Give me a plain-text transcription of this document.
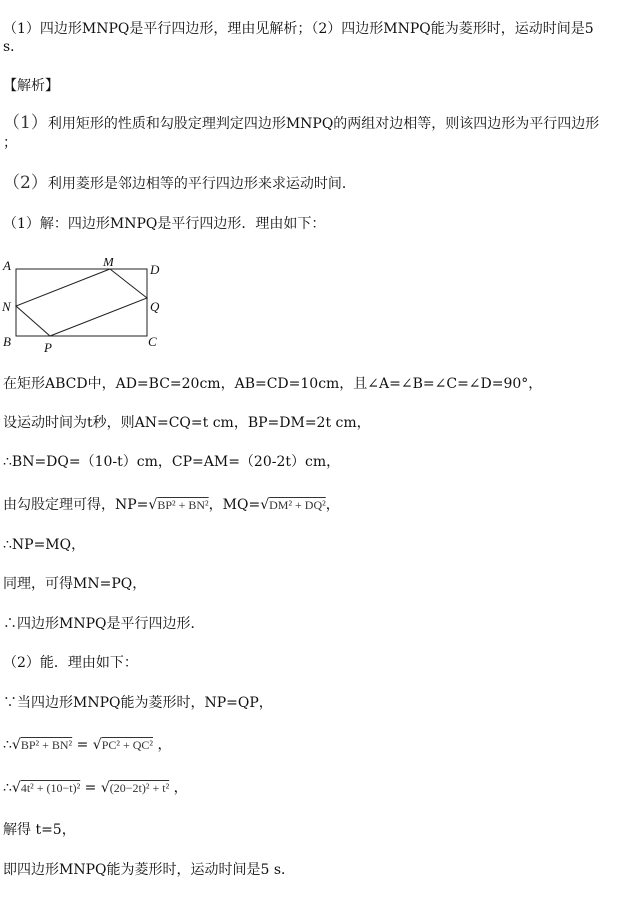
（1）四边形MNPQ是平行四边形，理由见解析；（2）四边形MNPQ能为菱形时，运动时间是5
s．
【解析】
（1）利用矩形的性质和勾股定理判定四边形MNPQ的两组对边相等，则该四边形为平行四边形
；
（2）利用菱形是邻边相等的平行四边形来求运动时间．
（1）解：四边形MNPQ是平行四边形．理由如下：
A	M
D
N	Q
B	P	C
在矩形ABCD中，AD=BC=20cm，AB=CD=10cm，且∠A=∠B=∠C=∠D=90°，
设运动时间为t秒，则AN=CQ=t cm，BP=DM=2t cm，
∴BN=DQ=（10-t）cm，CP=AM=（20-2t）cm，
由勾股定理可得，NP=√BP² + BN²，MQ=√DM² + DQ²，
∴NP=MQ，
同理，可得MN=PQ，
∴四边形MNPQ是平行四边形．
（2）能．理由如下：
∵当四边形MNPQ能为菱形时，NP=QP，
∴√BP² + BN² = √PC² + QC² ，
∴√4t² + (10−t)² = √(20−2t)² + t² ，
解得 t=5，
即四边形MNPQ能为菱形时，运动时间是5 s．
